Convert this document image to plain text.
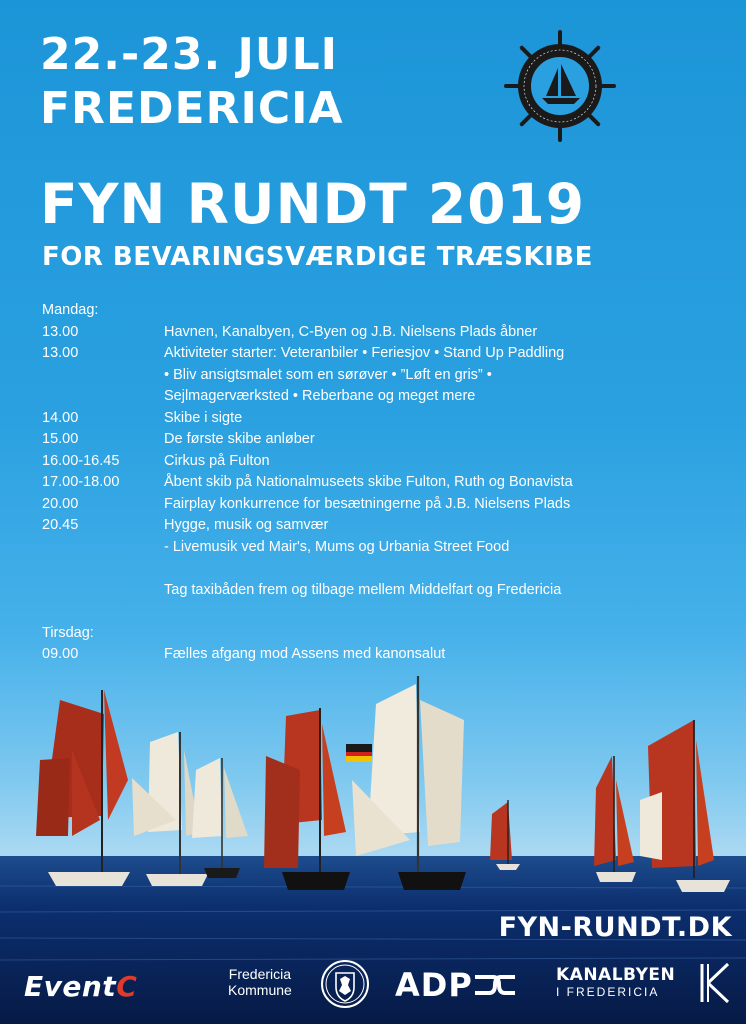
22.-23. JULI
FREDERICIA
FYN RUNDT 2019
FOR BEVARINGSVÆRDIGE TRÆSKIBE
Mandag:
13.00	Havnen, Kanalbyen, C-Byen og J.B. Nielsens Plads åbner
13.00	Aktiviteter starter: Veteranbiler • Feriesjov • Stand Up Paddling
• Bliv ansigtsmalet som en sørøver • ”Løft en gris” •
Sejlmagerværksted • Reberbane og meget mere
14.00	Skibe i sigte
15.00	De første skibe anløber
16.00-16.45	Cirkus på Fulton
17.00-18.00	Åbent skib på Nationalmuseets skibe Fulton, Ruth og Bonavista
20.00	Fairplay konkurrence for besætningerne på J.B. Nielsens Plads
20.45	Hygge, musik og samvær
- Livemusik ved Mair's, Mums og Urbania Street Food
Tag taxibåden frem og tilbage mellem Middelfart og Fredericia
Tirsdag:
09.00	Fælles afgang mod Assens med kanonsalut
FYN-RUNDT.DK
EventC	Fredericia
Kommune	ADP	KANALBYEN
I FREDERICIA
